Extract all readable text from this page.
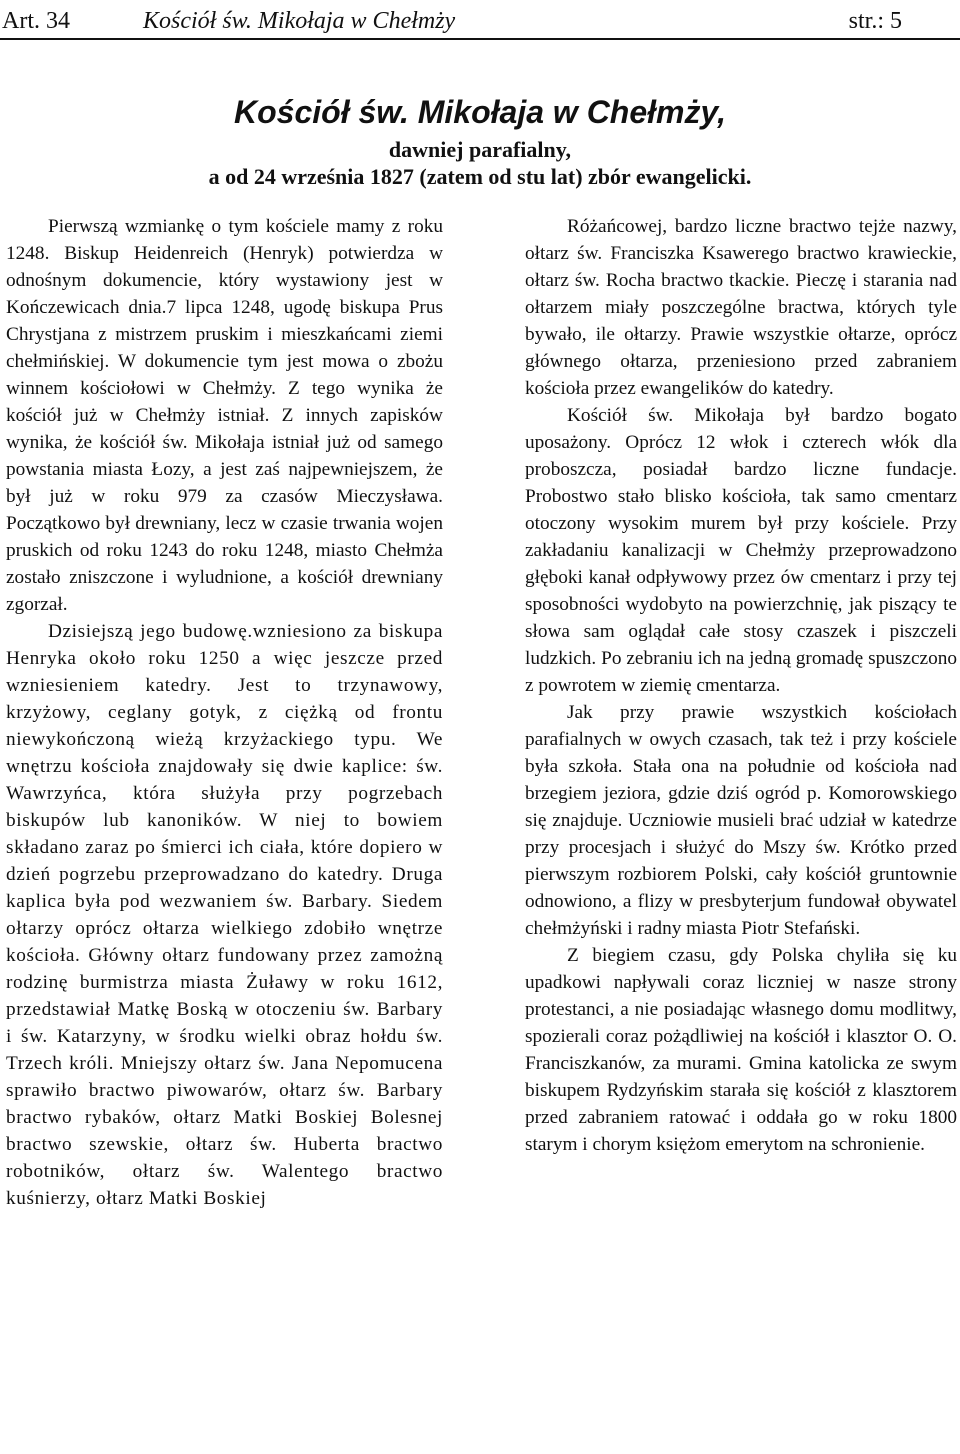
Art. 34	Kościół św. Mikołaja w Chełmży	str.: 5
Kościół św. Mikołaja w Chełmży,
dawniej parafialny,
a od 24 września 1827 (zatem od stu lat) zbór ewangelicki.

Pierwszą wzmiankę o tym kościele mamy z roku 1248. Biskup Heidenreich (Henryk) potwierdza w odnośnym dokumencie, który wystawiony jest w Kończewicach dnia.7 lipca 1248, ugodę biskupa Prus Chrystjana z mistrzem pruskim i mieszkańcami ziemi chełmińskiej. W dokumencie tym jest mowa o zbożu winnem kościołowi w Chełmży. Z tego wynika że kościół już w Chełmży istniał. Z innych zapisków wynika, że kościół św. Mikołaja istniał już od samego powstania miasta Łozy, a jest zaś najpewniejszem, że był już w roku 979 za czasów Mieczysława. Początkowo był drewniany, lecz w czasie trwania wojen pruskich od roku 1243 do roku 1248, miasto Chełmża zostało zniszczone i wyludnione, a kościół drewniany zgorzał.

Dzisiejszą jego budowę.wzniesiono za biskupa Henryka około roku 1250 a więc jeszcze przed wzniesieniem katedry. Jest to trzynawowy, krzyżowy, ceglany gotyk, z ciężką od frontu niewykończoną wieżą krzyżackiego typu. We wnętrzu kościoła znajdowały się dwie kaplice: św. Wawrzyńca, która służyła przy pogrzebach biskupów lub kanoników. W niej to bowiem składano zaraz po śmierci ich ciała, które dopiero w dzień pogrzebu przeprowadzano do katedry. Druga kaplica była pod wezwaniem św. Barbary. Siedem ołtarzy oprócz ołtarza wielkiego zdobiło wnętrze kościoła. Główny ołtarz fundowany przez zamożną rodzinę burmistrza miasta Żuławy w roku 1612, przedstawiał Matkę Boską w otoczeniu św. Barbary i św. Katarzyny, w środku wielki obraz hołdu św. Trzech króli. Mniejszy ołtarz św. Jana Nepomucena sprawiło bractwo piwowarów, ołtarz św. Barbary bractwo rybaków, ołtarz Matki Boskiej Bolesnej bractwo szewskie, ołtarz św. Huberta bractwo robotników, ołtarz św. Walentego bractwo kuśnierzy, ołtarz Matki Boskiej

Różańcowej, bardzo liczne bractwo tejże nazwy, ołtarz św. Franciszka Ksawerego bractwo krawieckie, ołtarz św. Rocha bractwo tkackie. Pieczę i starania nad ołtarzem miały poszczególne bractwa, których tyle bywało, ile ołtarzy. Prawie wszystkie ołtarze, oprócz głównego ołtarza, przeniesiono przed zabraniem kościoła przez ewangelików do katedry.

Kościół św. Mikołaja był bardzo bogato uposażony. Oprócz 12 włok i czterech włók dla proboszcza, posiadał bardzo liczne fundacje. Probostwo stało blisko kościoła, tak samo cmentarz otoczony wysokim murem był przy kościele. Przy zakładaniu kanalizacji w Chełmży przeprowadzono głęboki kanał odpływowy przez ów cmentarz i przy tej sposobności wydobyto na powierzchnię, jak piszący te słowa sam oglądał całe stosy czaszek i piszczeli ludzkich. Po zebraniu ich na jedną gromadę spuszczono z powrotem w ziemię cmentarza.

Jak przy prawie wszystkich kościołach parafialnych w owych czasach, tak też i przy kościele była szkoła. Stała ona na południe od kościoła nad brzegiem jeziora, gdzie dziś ogród p. Komorowskiego się znajduje. Uczniowie musieli brać udział w katedrze przy procesjach i służyć do Mszy św. Krótko przed pierwszym rozbiorem Polski, cały kościół gruntownie odnowiono, a flizy w presbyterjum fundował obywatel chełmżyński i radny miasta Piotr Stefański.

Z biegiem czasu, gdy Polska chyliła się ku upadkowi napływali coraz liczniej w nasze strony protestanci, a nie posiadając własnego domu modlitwy, spozierali coraz pożądliwiej na kościół i klasztor O. O. Franciszkanów, za murami. Gmina katolicka ze swym biskupem Rydzyńskim starała się kościół z klasztorem przed zabraniem ratować i oddała go w roku 1800 starym i chorym księżom emerytom na schronienie.
